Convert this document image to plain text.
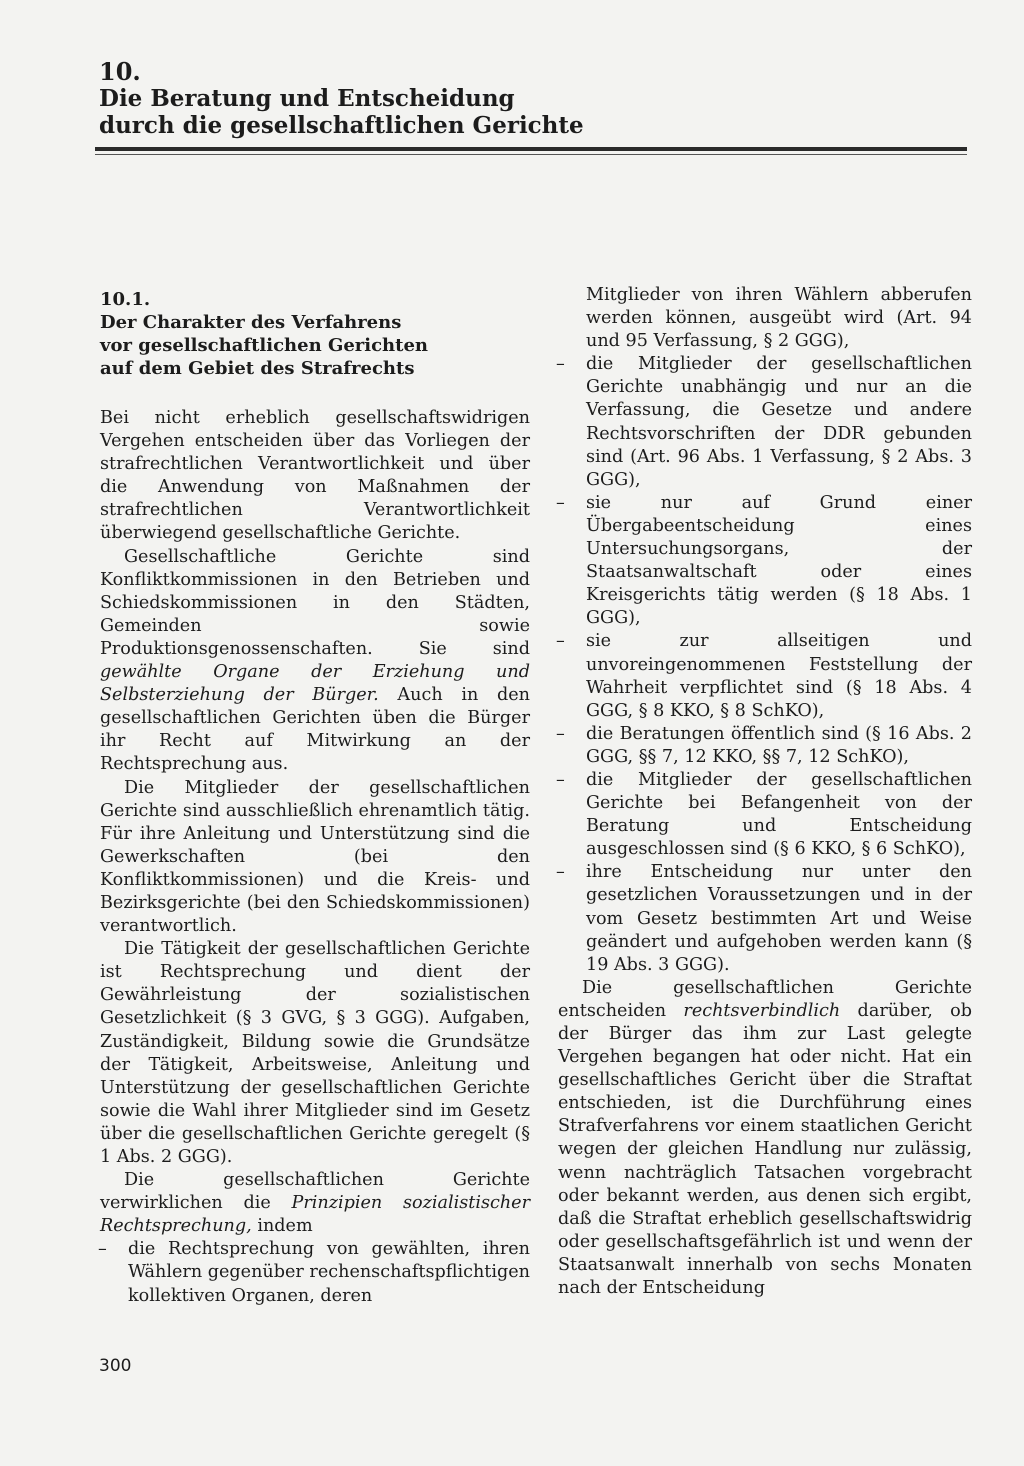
10.
Die Beratung und Entscheidung
durch die gesellschaftlichen Gerichte
10.1.
Der Charakter des Verfahrens
vor gesellschaftlichen Gerichten
auf dem Gebiet des Strafrechts

Bei nicht erheblich gesellschaftswidrigen Vergehen entscheiden über das Vorliegen der strafrechtlichen Verantwortlichkeit und über die Anwendung von Maßnahmen der strafrechtlichen Verantwortlichkeit überwiegend gesellschaftliche Gerichte.

Gesellschaftliche Gerichte sind Konfliktkommissionen in den Betrieben und Schiedskommissionen in den Städten, Gemeinden sowie Produktionsgenossenschaften. Sie sind gewählte Organe der Erziehung und Selbsterziehung der Bürger. Auch in den gesellschaftlichen Gerichten üben die Bürger ihr Recht auf Mitwirkung an der Rechtsprechung aus.

Die Mitglieder der gesellschaftlichen Gerichte sind ausschließlich ehrenamtlich tätig. Für ihre Anleitung und Unterstützung sind die Gewerkschaften (bei den Konfliktkommissionen) und die Kreis- und Bezirksgerichte (bei den Schiedskommissionen) verantwortlich.

Die Tätigkeit der gesellschaftlichen Gerichte ist Rechtsprechung und dient der Gewährleistung der sozialistischen Gesetzlichkeit (§ 3 GVG, § 3 GGG). Aufgaben, Zuständigkeit, Bildung sowie die Grundsätze der Tätigkeit, Arbeitsweise, Anleitung und Unterstützung der gesellschaftlichen Gerichte sowie die Wahl ihrer Mitglieder sind im Gesetz über die gesellschaftlichen Gerichte geregelt (§ 1 Abs. 2 GGG).

Die gesellschaftlichen Gerichte verwirklichen die Prinzipien sozialistischer Rechtsprechung, indem

– die Rechtsprechung von gewählten, ihren Wählern gegenüber rechenschaftspflichtigen kollektiven Organen, deren
Mitglieder von ihren Wählern abberufen werden können, ausgeübt wird (Art. 94 und 95 Verfassung, § 2 GGG),
– die Mitglieder der gesellschaftlichen Gerichte unabhängig und nur an die Verfassung, die Gesetze und andere Rechtsvorschriften der DDR gebunden sind (Art. 96 Abs. 1 Verfassung, § 2 Abs. 3 GGG),
– sie nur auf Grund einer Übergabeentscheidung eines Untersuchungsorgans, der Staatsanwaltschaft oder eines Kreisgerichts tätig werden (§ 18 Abs. 1 GGG),
– sie zur allseitigen und unvoreingenommenen Feststellung der Wahrheit verpflichtet sind (§ 18 Abs. 4 GGG, § 8 KKO, § 8 SchKO),
– die Beratungen öffentlich sind (§ 16 Abs. 2 GGG, §§ 7, 12 KKO, §§ 7, 12 SchKO),
– die Mitglieder der gesellschaftlichen Gerichte bei Befangenheit von der Beratung und Entscheidung ausgeschlossen sind (§ 6 KKO, § 6 SchKO),
– ihre Entscheidung nur unter den gesetzlichen Voraussetzungen und in der vom Gesetz bestimmten Art und Weise geändert und aufgehoben werden kann (§ 19 Abs. 3 GGG).

Die gesellschaftlichen Gerichte entscheiden rechtsverbindlich darüber, ob der Bürger das ihm zur Last gelegte Vergehen begangen hat oder nicht. Hat ein gesellschaftliches Gericht über die Straftat entschieden, ist die Durchführung eines Strafverfahrens vor einem staatlichen Gericht wegen der gleichen Handlung nur zulässig, wenn nachträglich Tatsachen vorgebracht oder bekannt werden, aus denen sich ergibt, daß die Straftat erheblich gesellschaftswidrig oder gesellschaftsgefährlich ist und wenn der Staatsanwalt innerhalb von sechs Monaten nach der Entscheidung

300
